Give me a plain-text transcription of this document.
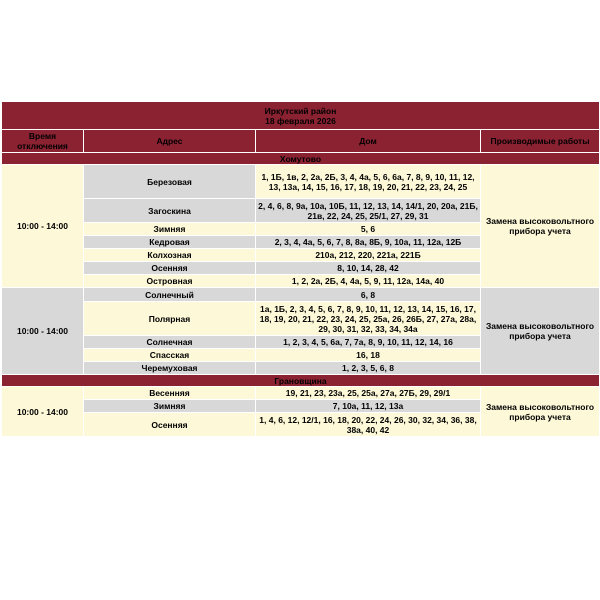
Иркутский район
18 февраля 2026			

Время отключения	Адрес	Дом	Производимые работы
Хомутово			
10:00 - 14:00	Березовая	1, 1Б, 1в, 2, 2а, 2Б, 3, 4, 4а, 5, 6, 6а, 7, 8, 9, 10, 11, 12, 13, 13а, 14, 15, 16, 17, 18, 19, 20, 21, 22, 23, 24, 25	Замена высоковольтного прибора учета
	Загоскина	2, 4, 6, 8, 9а, 10а, 10Б, 11, 12, 13, 14, 14/1, 20, 20а, 21Б, 21в, 22, 24, 25, 25/1, 27, 29, 31	
	Зимняя	5, 6	
	Кедровая	2, 3, 4, 4а, 5, 6, 7, 8, 8а, 8Б, 9, 10а, 11, 12а, 12Б	
	Колхозная	210а, 212, 220, 221а, 221Б	
	Осенняя	8, 10, 14, 28, 42	
	Островная	1, 2, 2а, 2Б, 4, 4а, 5, 9, 11, 12а, 14а, 40	
10:00 - 14:00	Солнечный	6, 8	Замена высоковольтного прибора учета
	Полярная	1а, 1Б, 2, 3, 4, 5, 6, 7, 8, 9, 10, 11, 12, 13, 14, 15, 16, 17, 18, 19, 20, 21, 22, 23, 24, 25, 25а, 26, 26Б, 27, 27а, 28а, 29, 30, 31, 32, 33, 34, 34а	
	Солнечная	1, 2, 3, 4, 5, 6а, 7, 7а, 8, 9, 10, 11, 12, 14, 16	
	Спасская	16, 18	
	Черемуховая	1, 2, 3, 5, 6, 8	
Грановщина			
10:00 - 14:00	Весенняя	19, 21, 23, 23а, 25, 25а, 27а, 27Б, 29, 29/1	Замена высоковольтного прибора учета
	Зимняя	7, 10а, 11, 12, 13а	
	Осенняя	1, 4, 6, 12, 12/1, 16, 18, 20, 22, 24, 26, 30, 32, 34, 36, 38, 38а, 40, 42	
